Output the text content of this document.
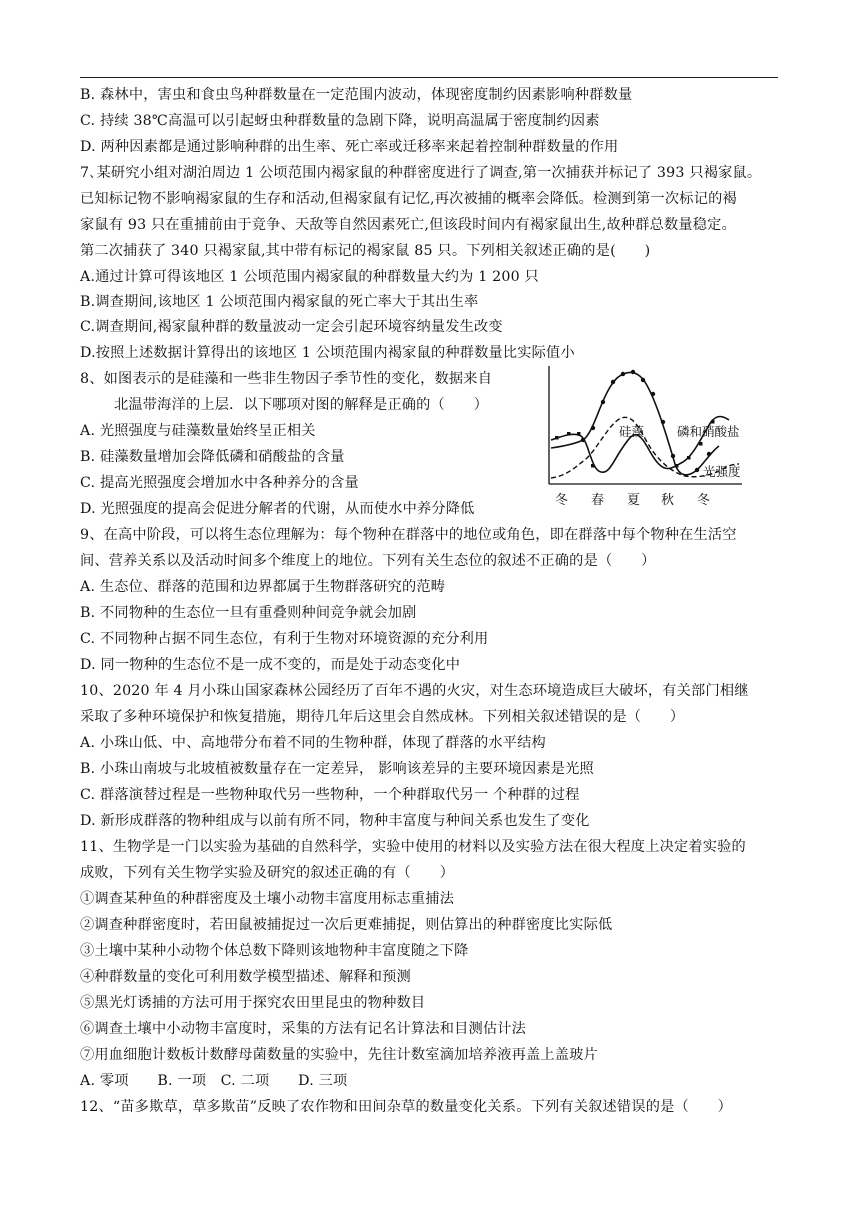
B. 森林中，害虫和食虫鸟种群数量在一定范围内波动，体现密度制约因素影响种群数量
C. 持续 38℃高温可以引起蚜虫种群数量的急剧下降，说明高温属于密度制约因素
D. 两种因素都是通过影响种群的出生率、死亡率或迁移率来起着控制种群数量的作用
7､某研究小组对湖泊周边 1 公顷范围内褐家鼠的种群密度进行了调查,第一次捕获并标记了 393 只褐家鼠。
已知标记物不影响褐家鼠的生存和活动,但褐家鼠有记忆,再次被捕的概率会降低。检测到第一次标记的褐
家鼠有 93 只在重捕前由于竞争、天敌等自然因素死亡,但该段时间内有褐家鼠出生,故种群总数量稳定。
第二次捕获了 340 只褐家鼠,其中带有标记的褐家鼠 85 只。下列相关叙述正确的是(　　)
A.通过计算可得该地区 1 公顷范围内褐家鼠的种群数量大约为 1 200 只
B.调查期间,该地区 1 公顷范围内褐家鼠的死亡率大于其出生率
C.调查期间,褐家鼠种群的数量波动一定会引起环境容纳量发生改变
D.按照上述数据计算得出的该地区 1 公顷范围内褐家鼠的种群数量比实际值小
8、如图表示的是硅藻和一些非生物因子季节性的变化，数据来自
北温带海洋的上层．以下哪项对图的解释是正确的（　　）
A. 光照强度与硅藻数量始终呈正相关
B. 硅藻数量增加会降低磷和硝酸盐的含量
C. 提高光照强度会增加水中各种养分的含量
D. 光照强度的提高会促进分解者的代谢，从而使水中养分降低
硅藻	磷和硝酸盐
光强度
冬 春 夏 秋 冬
9、在高中阶段，可以将生态位理解为：每个物种在群落中的地位或角色，即在群落中每个物种在生活空
间、营养关系以及活动时间多个维度上的地位。下列有关生态位的叙述不正确的是（　　）
A. 生态位、群落的范围和边界都属于生物群落研究的范畴
B. 不同物种的生态位一旦有重叠则种间竞争就会加剧
C. 不同物种占据不同生态位，有利于生物对环境资源的充分利用
D. 同一物种的生态位不是一成不变的，而是处于动态变化中
10、2020 年 4 月小珠山国家森林公园经历了百年不遇的火灾，对生态环境造成巨大破坏，有关部门相继
采取了多种环境保护和恢复措施，期待几年后这里会自然成林。下列相关叙述错误的是（　　）
A. 小珠山低、中、高地带分布着不同的生物种群，体现了群落的水平结构
B. 小珠山南坡与北坡植被数量存在一定差异， 影响该差异的主要环境因素是光照
C. 群落演替过程是一些物种取代另一些物种，一个种群取代另一 个种群的过程
D. 新形成群落的物种组成与以前有所不同，物种丰富度与种间关系也发生了变化
11、生物学是一门以实验为基础的自然科学，实验中使用的材料以及实验方法在很大程度上决定着实验的
成败，下列有关生物学实验及研究的叙述正确的有（　　）
①调查某种鱼的种群密度及土壤小动物丰富度用标志重捕法
②调查种群密度时，若田鼠被捕捉过一次后更难捕捉，则估算出的种群密度比实际低
③土壤中某种小动物个体总数下降则该地物种丰富度随之下降
④种群数量的变化可利用数学模型描述、解释和预测
⑤黑光灯诱捕的方法可用于探究农田里昆虫的物种数目
⑥调查土壤中小动物丰富度时，采集的方法有记名计算法和目测估计法
⑦用血细胞计数板计数酵母菌数量的实验中，先往计数室滴加培养液再盖上盖玻片
A. 零项　　B. 一项　C. 二项　　D. 三项
12、“苗多欺草，草多欺苗”反映了农作物和田间杂草的数量变化关系。下列有关叙述错误的是（　　）
